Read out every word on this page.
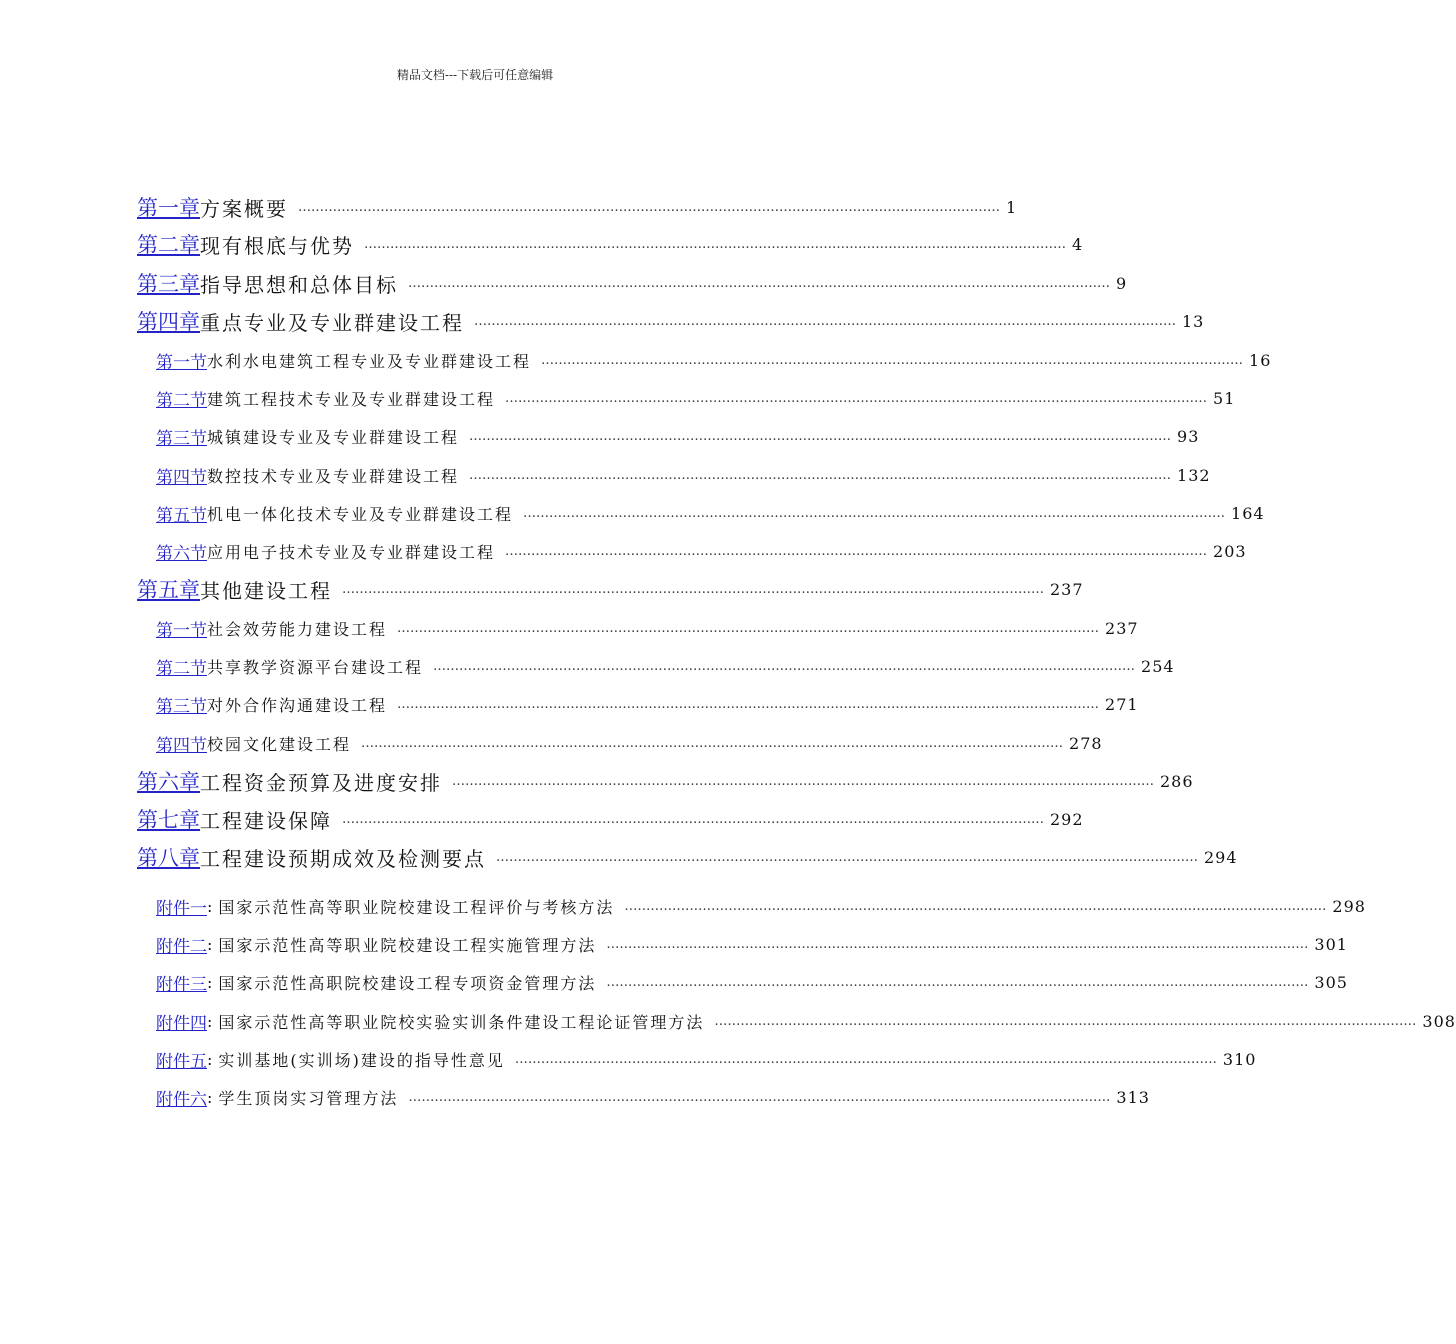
精品文档---下载后可任意编辑
第一章 方案概要 ……………………………………………………………………………………………………………………………………………… 1
第二章 现有根底与优势 ……………………………………………………………………………………………………………………………………………… 4
第三章 指导思想和总体目标 ……………………………………………………………………………………………………………………………………………… 9
第四章 重点专业及专业群建设工程 ……………………………………………………………………………………………………………………………………………… 13
第一节 水利水电建筑工程专业及专业群建设工程 ……………………………………………………………………………………………………………………………………………… 16
第二节 建筑工程技术专业及专业群建设工程 ……………………………………………………………………………………………………………………………………………… 51
第三节 城镇建设专业及专业群建设工程 ……………………………………………………………………………………………………………………………………………… 93
第四节 数控技术专业及专业群建设工程 ……………………………………………………………………………………………………………………………………………… 132
第五节 机电一体化技术专业及专业群建设工程 ……………………………………………………………………………………………………………………………………………… 164
第六节 应用电子技术专业及专业群建设工程 ……………………………………………………………………………………………………………………………………………… 203
第五章 其他建设工程 ……………………………………………………………………………………………………………………………………………… 237
第一节 社会效劳能力建设工程 ……………………………………………………………………………………………………………………………………………… 237
第二节 共享教学资源平台建设工程 ……………………………………………………………………………………………………………………………………………… 254
第三节 对外合作沟通建设工程 ……………………………………………………………………………………………………………………………………………… 271
第四节 校园文化建设工程 ……………………………………………………………………………………………………………………………………………… 278
第六章 工程资金预算及进度安排 ……………………………………………………………………………………………………………………………………………… 286
第七章 工程建设保障 ……………………………………………………………………………………………………………………………………………… 292
第八章 工程建设预期成效及检测要点 ……………………………………………………………………………………………………………………………………………… 294
附件一 : 国家示范性高等职业院校建设工程评价与考核方法 ……………………………………………………………………………………………………………………………………………… 298
附件二 : 国家示范性高等职业院校建设工程实施管理方法 ……………………………………………………………………………………………………………………………………………… 301
附件三 : 国家示范性高职院校建设工程专项资金管理方法 ……………………………………………………………………………………………………………………………………………… 305
附件四 : 国家示范性高等职业院校实验实训条件建设工程论证管理方法 ……………………………………………………………………………………………………………………………………………… 308
附件五 : 实训基地(实训场)建设的指导性意见 ……………………………………………………………………………………………………………………………………………… 310
附件六 : 学生顶岗实习管理方法 ……………………………………………………………………………………………………………………………………………… 313
